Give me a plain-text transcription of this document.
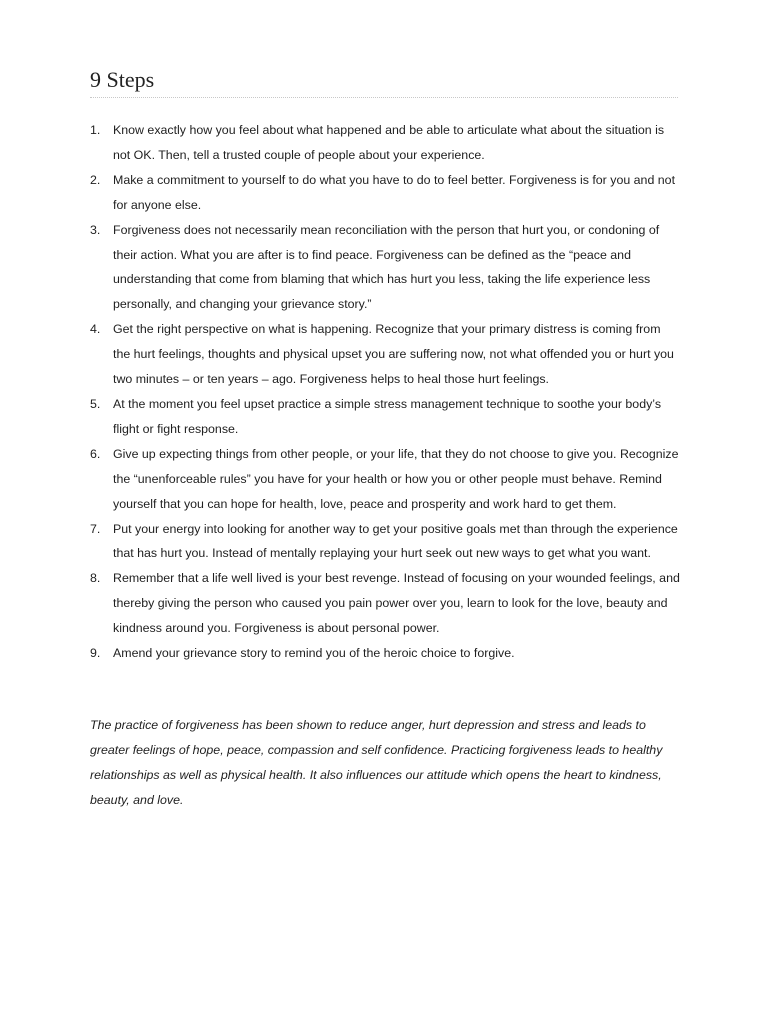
9 Steps
1. Know exactly how you feel about what happened and be able to articulate what about the situation is not OK. Then, tell a trusted couple of people about your experience.
2. Make a commitment to yourself to do what you have to do to feel better. Forgiveness is for you and not for anyone else.
3. Forgiveness does not necessarily mean reconciliation with the person that hurt you, or condoning of their action. What you are after is to find peace. Forgiveness can be defined as the “peace and understanding that come from blaming that which has hurt you less, taking the life experience less personally, and changing your grievance story.”
4. Get the right perspective on what is happening. Recognize that your primary distress is coming from the hurt feelings, thoughts and physical upset you are suffering now, not what offended you or hurt you two minutes – or ten years – ago. Forgiveness helps to heal those hurt feelings.
5. At the moment you feel upset practice a simple stress management technique to soothe your body’s flight or fight response.
6. Give up expecting things from other people, or your life, that they do not choose to give you. Recognize the “unenforceable rules” you have for your health or how you or other people must behave. Remind yourself that you can hope for health, love, peace and prosperity and work hard to get them.
7. Put your energy into looking for another way to get your positive goals met than through the experience that has hurt you. Instead of mentally replaying your hurt seek out new ways to get what you want.
8. Remember that a life well lived is your best revenge. Instead of focusing on your wounded feelings, and thereby giving the person who caused you pain power over you, learn to look for the love, beauty and kindness around you. Forgiveness is about personal power.
9. Amend your grievance story to remind you of the heroic choice to forgive.

The practice of forgiveness has been shown to reduce anger, hurt depression and stress and leads to greater feelings of hope, peace, compassion and self confidence. Practicing forgiveness leads to healthy relationships as well as physical health. It also influences our attitude which opens the heart to kindness, beauty, and love.
